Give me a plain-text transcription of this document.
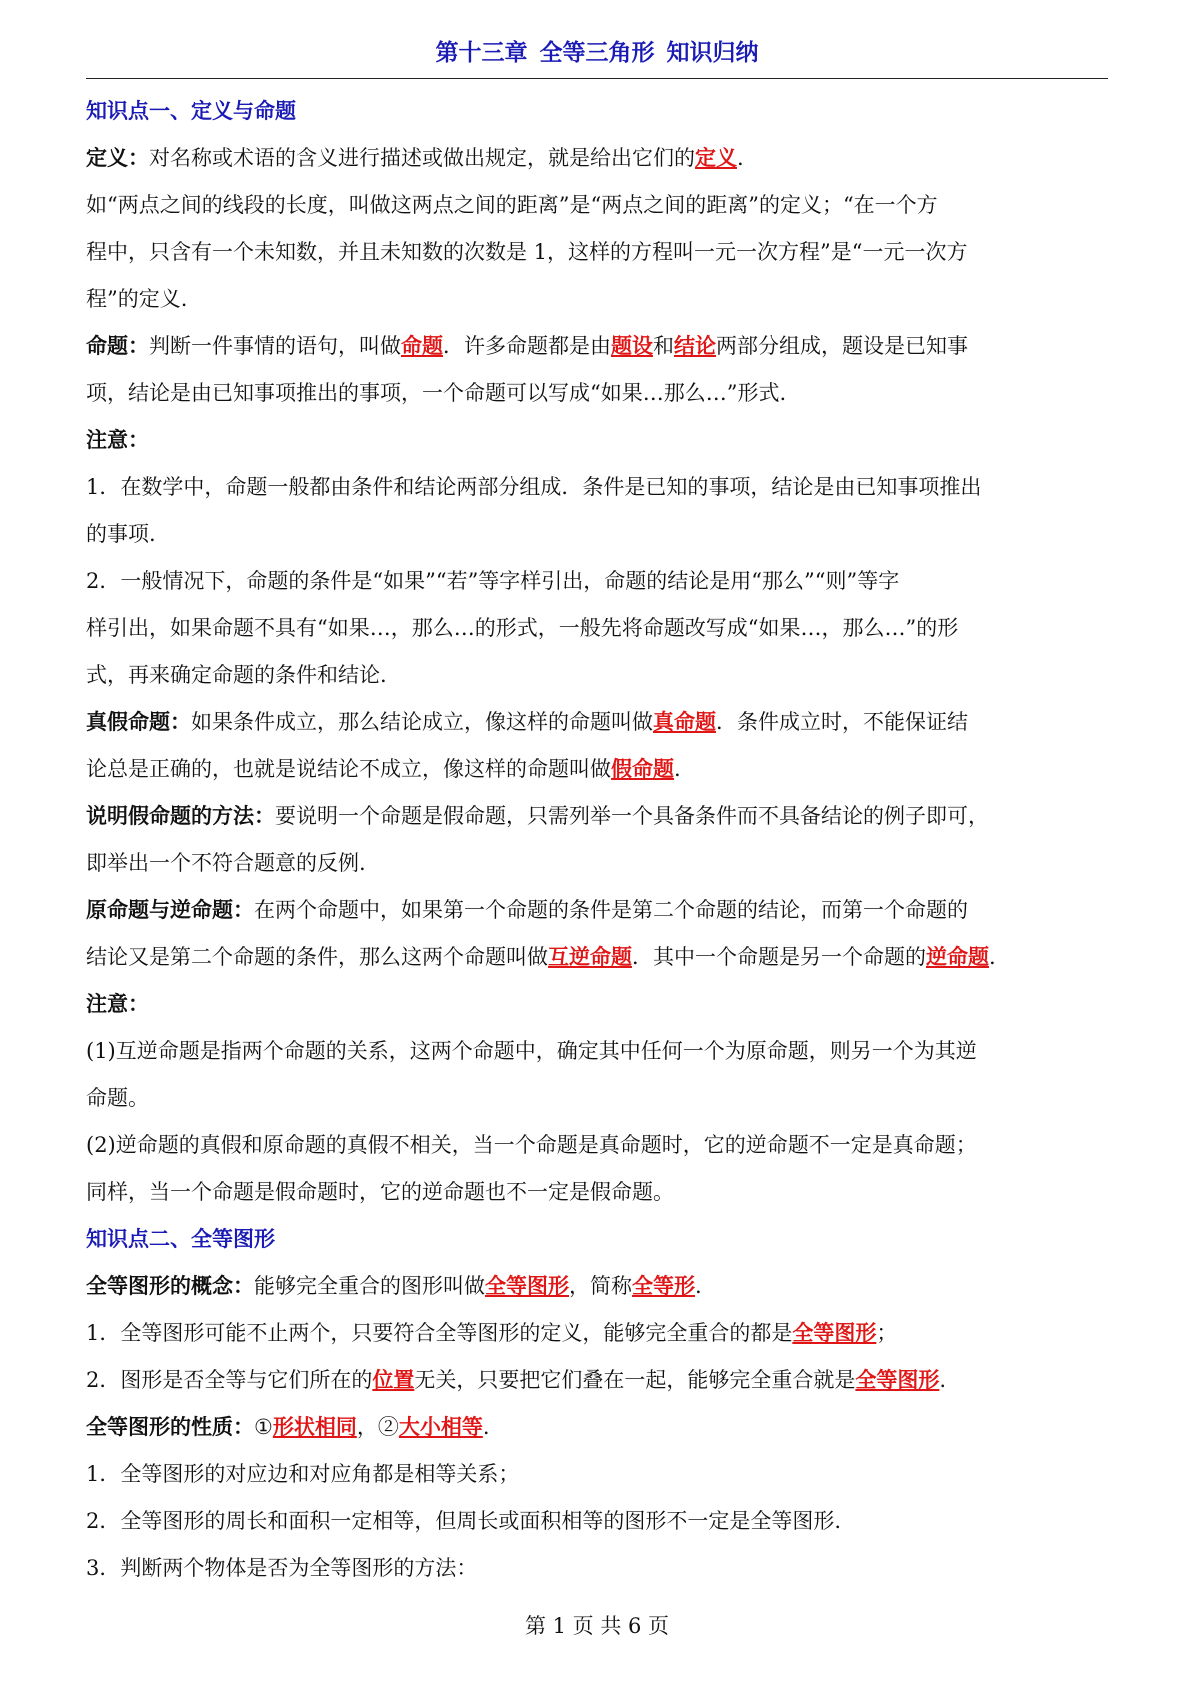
第十三章 全等三角形 知识归纳
知识点一、定义与命题
定义：对名称或术语的含义进行描述或做出规定，就是给出它们的定义.
如“两点之间的线段的长度，叫做这两点之间的距离”是“两点之间的距离”的定义；“在一个方
程中，只含有一个未知数，并且未知数的次数是 1，这样的方程叫一元一次方程”是“一元一次方
程”的定义.
命题：判断一件事情的语句，叫做命题．许多命题都是由题设和结论两部分组成，题设是已知事
项，结论是由已知事项推出的事项，一个命题可以写成“如果…那么…”形式.
注意：
1．在数学中，命题一般都由条件和结论两部分组成．条件是已知的事项，结论是由已知事项推出
的事项.
2．一般情况下，命题的条件是“如果”“若”等字样引出，命题的结论是用“那么”“则”等字
样引出，如果命题不具有“如果…，那么…的形式，一般先将命题改写成“如果…，那么…”的形
式，再来确定命题的条件和结论.
真假命题：如果条件成立，那么结论成立，像这样的命题叫做真命题．条件成立时，不能保证结
论总是正确的，也就是说结论不成立，像这样的命题叫做假命题.
说明假命题的方法：要说明一个命题是假命题，只需列举一个具备条件而不具备结论的例子即可，
即举出一个不符合题意的反例.
原命题与逆命题：在两个命题中，如果第一个命题的条件是第二个命题的结论，而第一个命题的
结论又是第二个命题的条件，那么这两个命题叫做互逆命题．其中一个命题是另一个命题的逆命题.
注意：
(1)互逆命题是指两个命题的关系，这两个命题中，确定其中任何一个为原命题，则另一个为其逆
命题。
(2)逆命题的真假和原命题的真假不相关，当一个命题是真命题时，它的逆命题不一定是真命题；
同样，当一个命题是假命题时，它的逆命题也不一定是假命题。
知识点二、全等图形
全等图形的概念：能够完全重合的图形叫做全等图形，简称全等形.
1．全等图形可能不止两个，只要符合全等图形的定义，能够完全重合的都是全等图形；
2．图形是否全等与它们所在的位置无关，只要把它们叠在一起，能够完全重合就是全等图形.
全等图形的性质：①形状相同，②大小相等.
1．全等图形的对应边和对应角都是相等关系；
2．全等图形的周长和面积一定相等，但周长或面积相等的图形不一定是全等图形.
3．判断两个物体是否为全等图形的方法：
第 1 页 共 6 页
